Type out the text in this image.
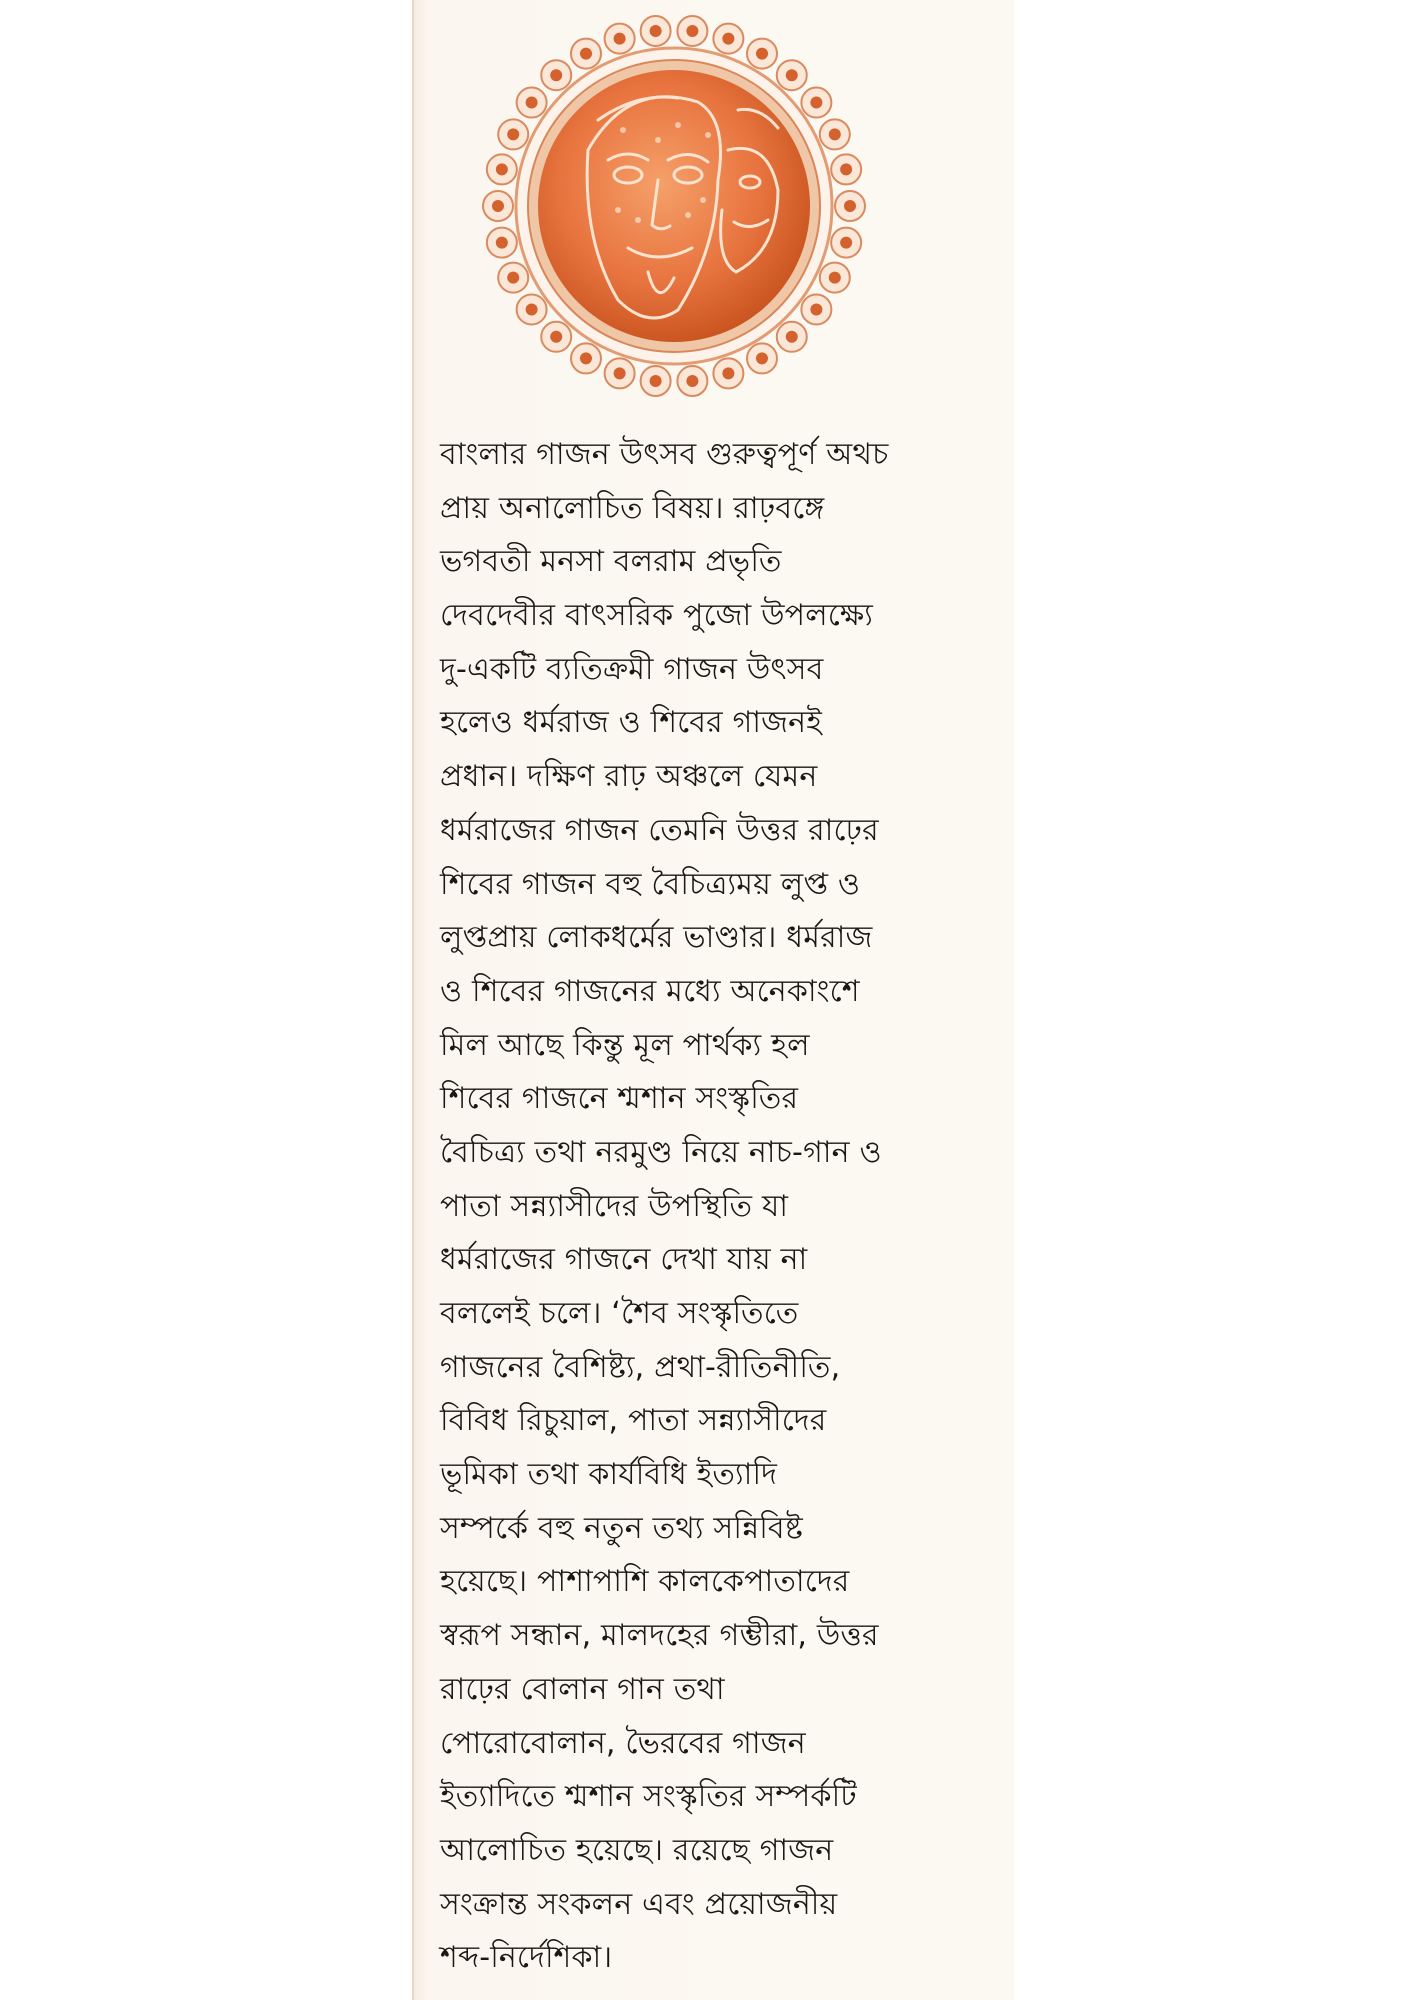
বাংলার গাজন উৎসব গুরুত্বপূর্ণ অথচ
প্রায় অনালোচিত বিষয়। রাঢ়বঙ্গে
ভগবতী মনসা বলরাম প্রভৃতি
দেবদেবীর বাৎসরিক পুজো উপলক্ষ্যে
দু-একটি ব্যতিক্রমী গাজন উৎসব
হলেও ধর্মরাজ ও শিবের গাজনই
প্রধান। দক্ষিণ রাঢ় অঞ্চলে যেমন
ধর্মরাজের গাজন তেমনি উত্তর রাঢ়ের
শিবের গাজন বহু বৈচিত্র্যময় লুপ্ত ও
লুপ্তপ্রায় লোকধর্মের ভাণ্ডার। ধর্মরাজ
ও শিবের গাজনের মধ্যে অনেকাংশে
মিল আছে কিন্তু মূল পার্থক্য হল
শিবের গাজনে শ্মশান সংস্কৃতির
বৈচিত্র্য তথা নরমুণ্ড নিয়ে নাচ-গান ও
পাতা সন্ন্যাসীদের উপস্থিতি যা
ধর্মরাজের গাজনে দেখা যায় না
বললেই চলে। ‘শৈব সংস্কৃতিতে
গাজনের বৈশিষ্ট্য, প্রথা-রীতিনীতি,
বিবিধ রিচুয়াল, পাতা সন্ন্যাসীদের
ভূমিকা তথা কার্যবিধি ইত্যাদি
সম্পর্কে বহু নতুন তথ্য সন্নিবিষ্ট
হয়েছে। পাশাপাশি কালকেপাতাদের
স্বরূপ সন্ধান, মালদহের গম্ভীরা, উত্তর
রাঢ়ের বোলান গান তথা
পোরোবোলান, ভৈরবের গাজন
ইত্যাদিতে শ্মশান সংস্কৃতির সম্পর্কটি
আলোচিত হয়েছে। রয়েছে গাজন
সংক্রান্ত সংকলন এবং প্রয়োজনীয়
শব্দ-নির্দেশিকা।
